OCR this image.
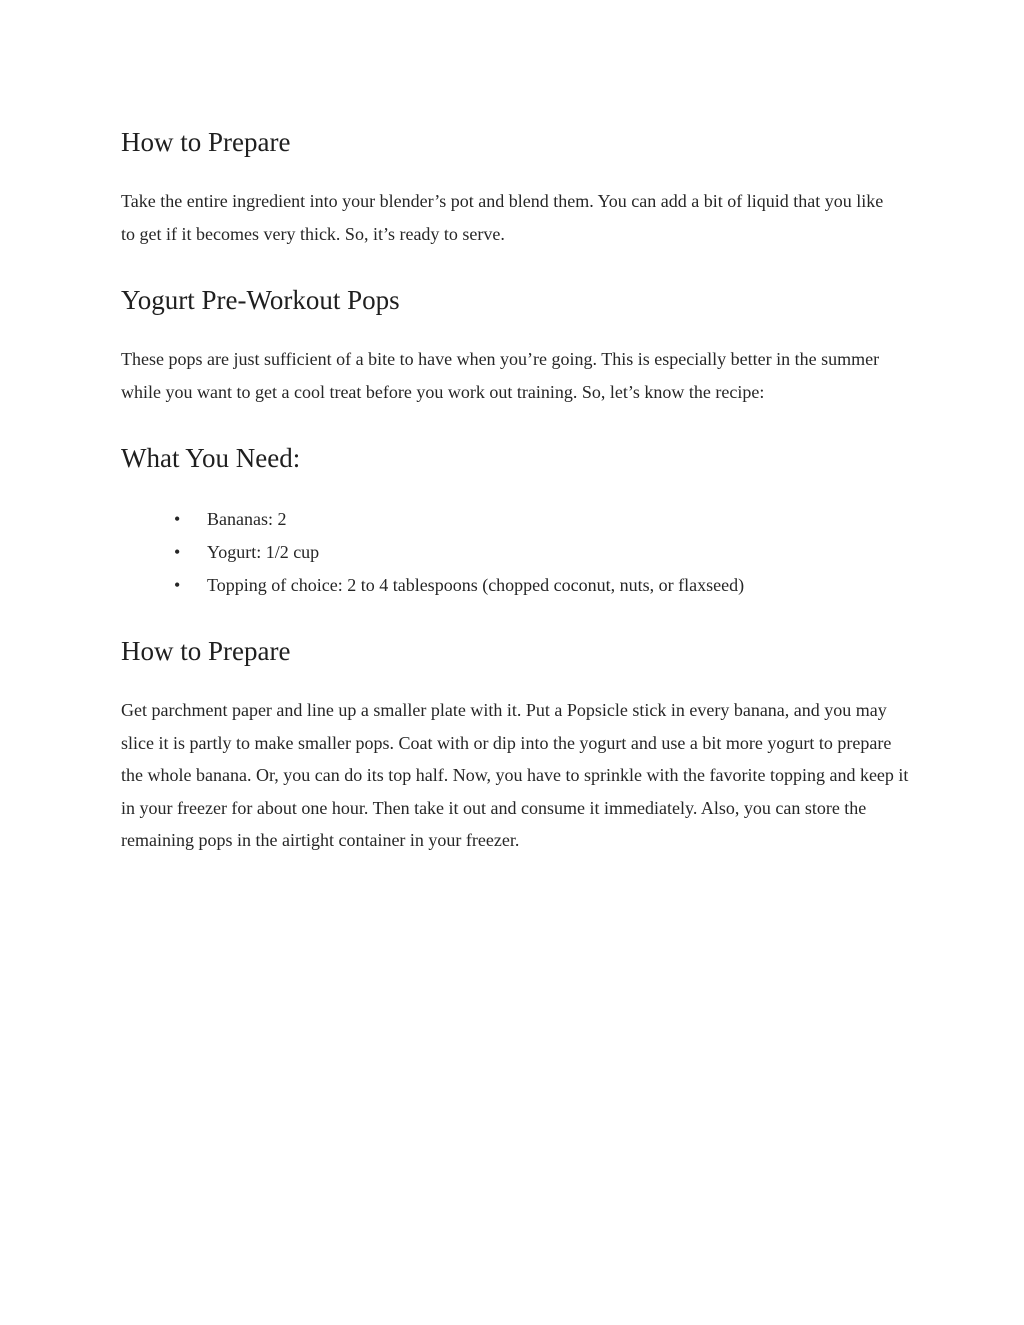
How to Prepare

Take the entire ingredient into your blender’s pot and blend them. You can add a bit of liquid that you like to get if it becomes very thick. So, it’s ready to serve.

Yogurt Pre-Workout Pops

These pops are just sufficient of a bite to have when you’re going. This is especially better in the summer while you want to get a cool treat before you work out training. So, let’s know the recipe:

What You Need:
• Bananas: 2
• Yogurt: 1/2 cup
• Topping of choice: 2 to 4 tablespoons (chopped coconut, nuts, or flaxseed)
How to Prepare

Get parchment paper and line up a smaller plate with it. Put a Popsicle stick in every banana, and you may slice it is partly to make smaller pops. Coat with or dip into the yogurt and use a bit more yogurt to prepare the whole banana. Or, you can do its top half. Now, you have to sprinkle with the favorite topping and keep it in your freezer for about one hour. Then take it out and consume it immediately. Also, you can store the remaining pops in the airtight container in your freezer.
